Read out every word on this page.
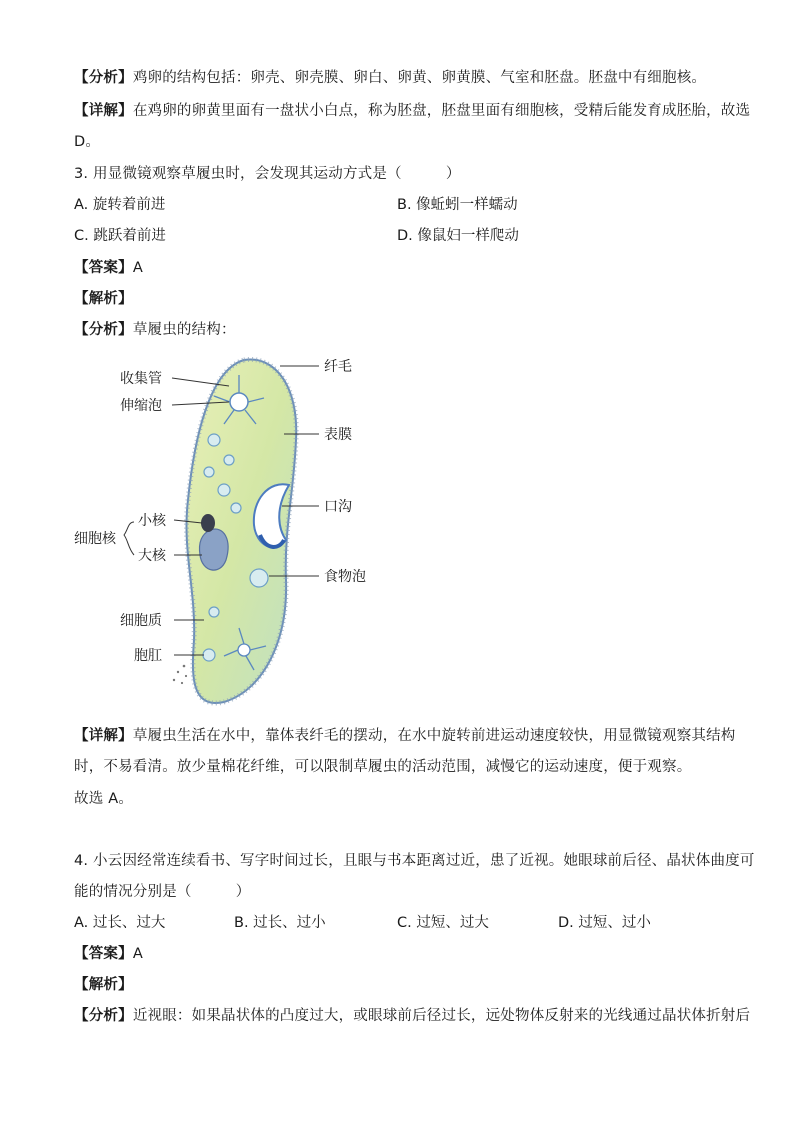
【分析】鸡卵的结构包括：卵壳、卵壳膜、卵白、卵黄、卵黄膜、气室和胚盘。胚盘中有细胞核。
【详解】在鸡卵的卵黄里面有一盘状小白点，称为胚盘，胚盘里面有细胞核，受精后能发育成胚胎，故选
D。
3. 用显微镜观察草履虫时，会发现其运动方式是（　　　）
A. 旋转着前进	B. 像蚯蚓一样蠕动
C. 跳跃着前进	D. 像鼠妇一样爬动
【答案】A
【解析】
【分析】草履虫的结构：
纤毛
收集管
伸缩泡
表膜
口沟
细胞核
小核
大核
食物泡
细胞质
胞肛
【详解】草履虫生活在水中，靠体表纤毛的摆动，在水中旋转前进运动速度较快，用显微镜观察其结构
时，不易看清。放少量棉花纤维，可以限制草履虫的活动范围，减慢它的运动速度，便于观察。
故选 A。
4. 小云因经常连续看书、写字时间过长，且眼与书本距离过近，患了近视。她眼球前后径、晶状体曲度可
能的情况分别是（　　　）
A. 过长、过大	B. 过长、过小	C. 过短、过大	D. 过短、过小
【答案】A
【解析】
【分析】近视眼：如果晶状体的凸度过大，或眼球前后径过长，远处物体反射来的光线通过晶状体折射后
